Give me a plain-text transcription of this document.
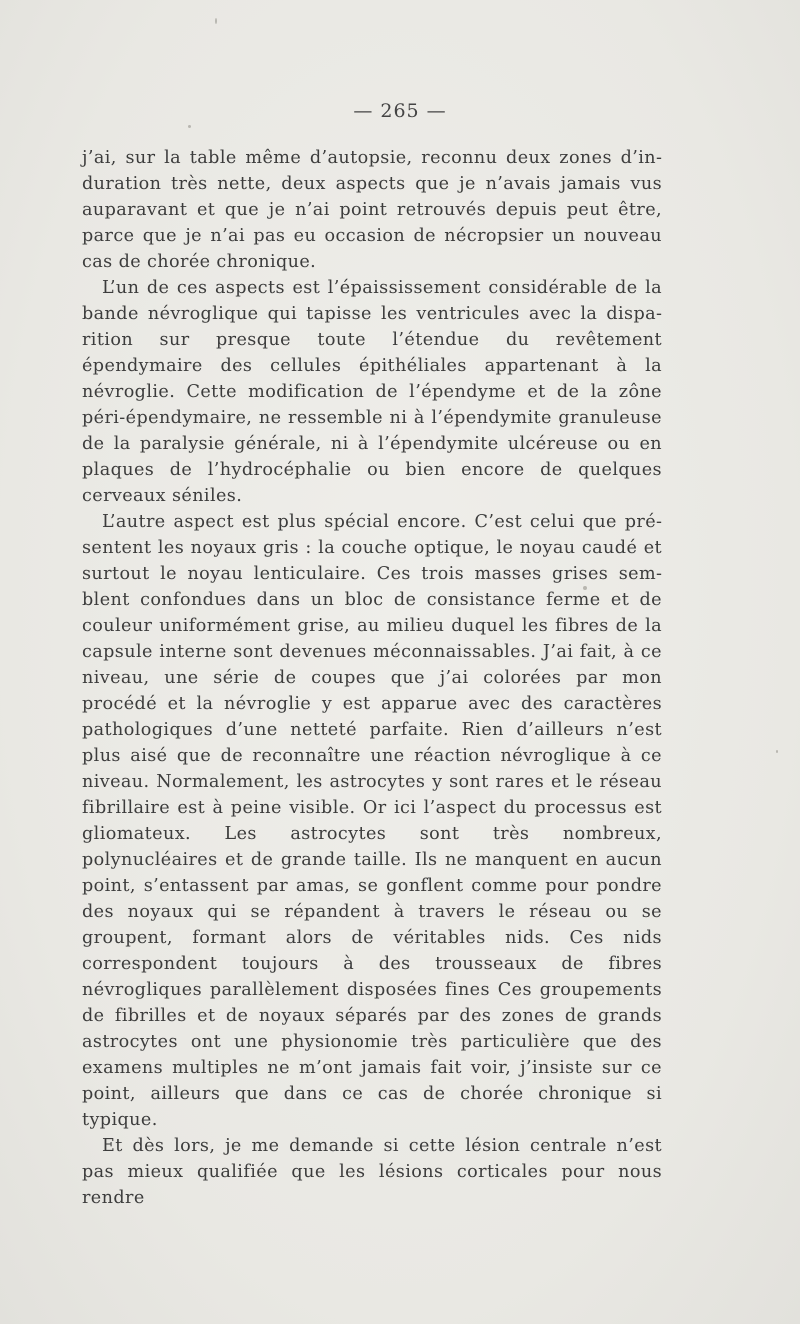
— 265 —

j’ai, sur la table même d’autopsie, reconnu deux zones d’induration très nette, deux aspects que je n’avais jamais vus auparavant et que je n’ai point retrouvés depuis peut être, parce que je n’ai pas eu occasion de nécropsier un nouveau cas de chorée chronique.

L’un de ces aspects est l’épaississement considérable de la bande névroglique qui tapisse les ventricules avec la disparition sur presque toute l’étendue du revêtement épendymaire des cellules épithéliales appartenant à la névroglie. Cette modification de l’épendyme et de la zône péri-épendymaire, ne ressemble ni à l’épendymite granuleuse de la paralysie générale, ni à l’épendymite ulcéreuse ou en plaques de l’hydrocéphalie ou bien encore de quelques cerveaux séniles.

L’autre aspect est plus spécial encore. C’est celui que présentent les noyaux gris : la couche optique, le noyau caudé et surtout le noyau lenticulaire. Ces trois masses grises semblent confondues dans un bloc de consistance ferme et de couleur uniformément grise, au milieu duquel les fibres de la capsule interne sont devenues méconnaissables. J’ai fait, à ce niveau, une série de coupes que j’ai colorées par mon procédé et la névroglie y est apparue avec des caractères pathologiques d’une netteté parfaite. Rien d’ailleurs n’est plus aisé que de reconnaître une réaction névroglique à ce niveau. Normalement, les astrocytes y sont rares et le réseau fibrillaire est à peine visible. Or ici l’aspect du processus est gliomateux. Les astrocytes sont très nombreux, polynucléaires et de grande taille. Ils ne manquent en aucun point, s’entassent par amas, se gonflent comme pour pondre des noyaux qui se répandent à travers le réseau ou se groupent, formant alors de véritables nids. Ces nids correspondent toujours à des trousseaux de fibres névrogliques parallèlement disposées fines Ces groupements de fibrilles et de noyaux séparés par des zones de grands astrocytes ont une physionomie très particulière que des examens multiples ne m’ont jamais fait voir, j’insiste sur ce point, ailleurs que dans ce cas de chorée chronique si typique.

Et dès lors, je me demande si cette lésion centrale n’est pas mieux qualifiée que les lésions corticales pour nous rendre
